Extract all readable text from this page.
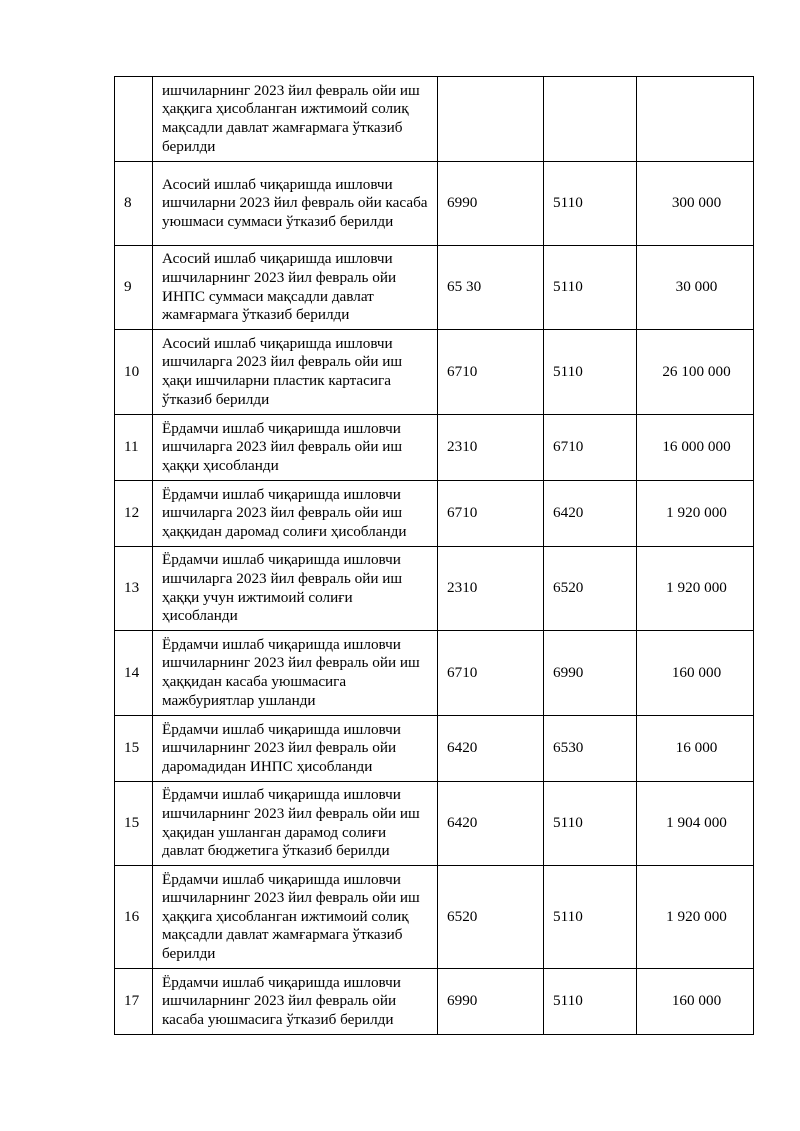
	ишчиларнинг 2023 йил февраль ойи иш ҳаққига ҳисобланган ижтимоий солиқ мақсадли давлат жамғармага ўтказиб берилди			
8	Асосий ишлаб чиқаришда ишловчи ишчиларни 2023 йил февраль ойи касаба уюшмаси суммаси ўтказиб берилди	6990	5110	300 000
9	Асосий ишлаб чиқаришда ишловчи ишчиларнинг 2023 йил февраль ойи ИНПС суммаси мақсадли давлат жамғармага ўтказиб берилди	65 30	5110	30 000
10	Асосий ишлаб чиқаришда ишловчи ишчиларга 2023 йил февраль ойи иш ҳақи ишчиларни пластик картасига ўтказиб берилди	6710	5110	26 100 000
11	Ёрдамчи ишлаб чиқаришда ишловчи ишчиларга 2023 йил февраль ойи иш ҳаққи ҳисобланди	2310	6710	16 000 000
12	Ёрдамчи ишлаб чиқаришда ишловчи ишчиларга 2023 йил февраль ойи иш ҳаққидан даромад солиғи ҳисобланди	6710	6420	1 920 000
13	Ёрдамчи ишлаб чиқаришда ишловчи ишчиларга 2023 йил февраль ойи иш ҳаққи учун ижтимоий солиғи ҳисобланди	2310	6520	1 920 000
14	Ёрдамчи ишлаб чиқаришда ишловчи ишчиларнинг 2023 йил февраль ойи иш ҳаққидан касаба уюшмасига мажбуриятлар ушланди	6710	6990	160 000
15	Ёрдамчи ишлаб чиқаришда ишловчи ишчиларнинг 2023 йил февраль ойи даромадидан ИНПС ҳисобланди	6420	6530	16 000
15	Ёрдамчи ишлаб чиқаришда ишловчи ишчиларнинг 2023 йил февраль ойи иш ҳақидан ушланган дарамод солиғи давлат бюджетига ўтказиб берилди	6420	5110	1 904 000
16	Ёрдамчи ишлаб чиқаришда ишловчи ишчиларнинг 2023 йил февраль ойи иш ҳаққига ҳисобланган ижтимоий солиқ мақсадли давлат жамғармага ўтказиб берилди	6520	5110	1 920 000
17	Ёрдамчи ишлаб чиқаришда ишловчи ишчиларнинг 2023 йил февраль ойи касаба уюшмасига ўтказиб берилди	6990	5110	160 000
